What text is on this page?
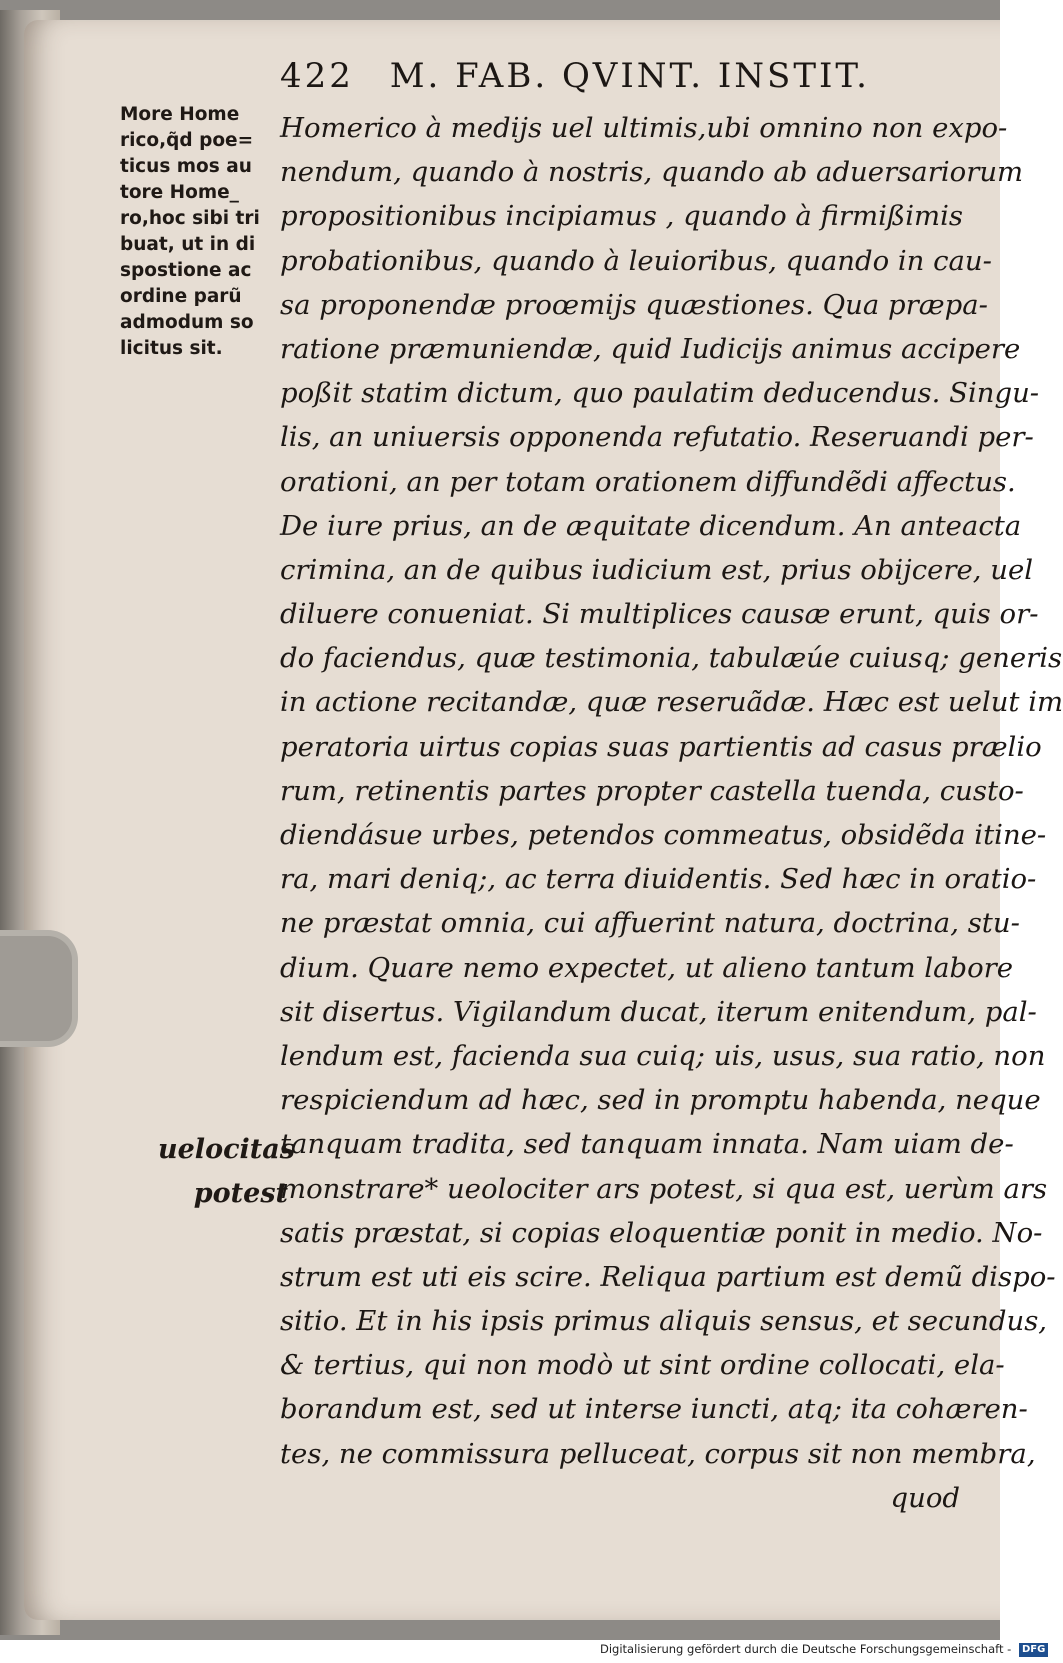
422 M. FAB. QVINT. INSTIT.
More Home
rico,q̃d poe=
ticus mos au
tore Home_
ro,hoc sibi tri
buat, ut in di
spostione ac
ordine parũ
admodum so
licitus sit.
uelocitas
potest
Homerico à medijs uel ultimis,ubi omnino non expo-
nendum, quando à nostris, quando ab aduersariorum
propositionibus incipiamus , quando à firmißimis
probationibus, quando à leuioribus, quando in cau-
sa proponendæ proœmijs quæstiones. Qua præpa-
ratione præmuniendæ, quid Iudicijs animus accipere
poßit statim dictum, quo paulatim deducendus. Singu-
lis, an uniuersis opponenda refutatio. Reseruandi per-
orationi, an per totam orationem diffundẽdi affectus.
De iure prius, an de æquitate dicendum. An anteacta
crimina, an de quibus iudicium est, prius obijcere, uel
diluere conueniat. Si multiplices causæ erunt, quis or-
do faciendus, quæ testimonia, tabulæúe cuiusq; generis
in actione recitandæ, quæ reseruãdæ. Hæc est uelut im
peratoria uirtus copias suas partientis ad casus prælio
rum, retinentis partes propter castella tuenda, custo-
diendásue urbes, petendos commeatus, obsidẽda itine-
ra, mari deniq;, ac terra diuidentis. Sed hæc in oratio-
ne præstat omnia, cui affuerint natura, doctrina, stu-
dium. Quare nemo expectet, ut alieno tantum labore
sit disertus. Vigilandum ducat, iterum enitendum, pal-
lendum est, facienda sua cuiq; uis, usus, sua ratio, non
respiciendum ad hæc, sed in promptu habenda, neque
tanquam tradita, sed tanquam innata. Nam uiam de-
monstrare* ueolociter ars potest, si qua est, uerùm ars
satis præstat, si copias eloquentiæ ponit in medio. No-
strum est uti eis scire. Reliqua partium est demũ dispo-
sitio. Et in his ipsis primus aliquis sensus, et secundus,
& tertius, qui non modò ut sint ordine collocati, ela-
borandum est, sed ut interse iuncti, atq; ita cohæren-
tes, ne commissura pelluceat, corpus sit non membra,
quod
Digitalisierung gefördert durch die Deutsche Forschungsgemeinschaft - DFG
